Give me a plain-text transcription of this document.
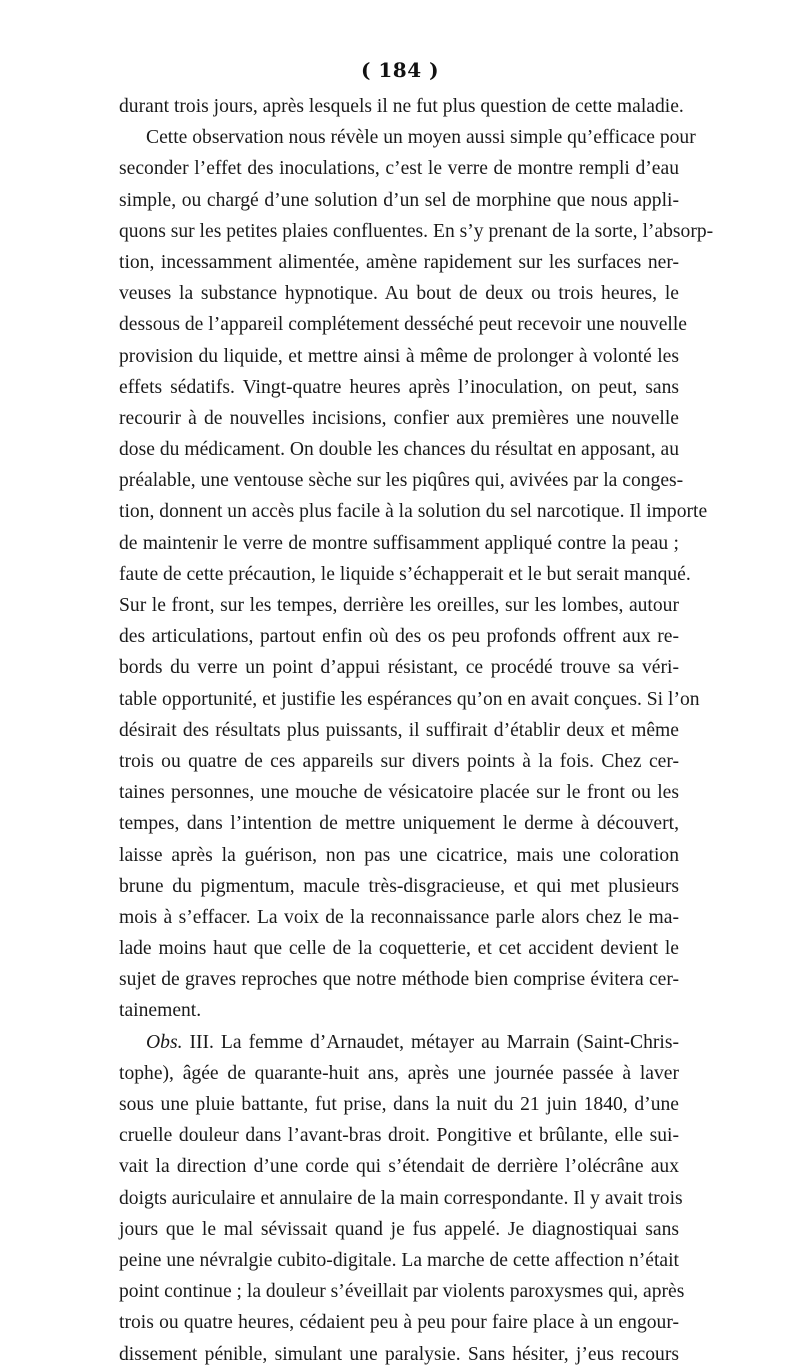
( 184 )
durant trois jours, après lesquels il ne fut plus question de cette maladie.
Cette observation nous révèle un moyen aussi simple qu’efficace pour
seconder l’effet des inoculations, c’est le verre de montre rempli d’eau
simple, ou chargé d’une solution d’un sel de morphine que nous appli-
quons sur les petites plaies confluentes. En s’y prenant de la sorte, l’absorp-
tion, incessamment alimentée, amène rapidement sur les surfaces ner-
veuses la substance hypnotique. Au bout de deux ou trois heures, le
dessous de l’appareil complétement desséché peut recevoir une nouvelle
provision du liquide, et mettre ainsi à même de prolonger à volonté les
effets sédatifs. Vingt-quatre heures après l’inoculation, on peut, sans
recourir à de nouvelles incisions, confier aux premières une nouvelle
dose du médicament. On double les chances du résultat en apposant, au
préalable, une ventouse sèche sur les piqûres qui, avivées par la conges-
tion, donnent un accès plus facile à la solution du sel narcotique. Il importe
de maintenir le verre de montre suffisamment appliqué contre la peau ;
faute de cette précaution, le liquide s’échapperait et le but serait manqué.
Sur le front, sur les tempes, derrière les oreilles, sur les lombes, autour
des articulations, partout enfin où des os peu profonds offrent aux re-
bords du verre un point d’appui résistant, ce procédé trouve sa véri-
table opportunité, et justifie les espérances qu’on en avait conçues. Si l’on
désirait des résultats plus puissants, il suffirait d’établir deux et même
trois ou quatre de ces appareils sur divers points à la fois. Chez cer-
taines personnes, une mouche de vésicatoire placée sur le front ou les
tempes, dans l’intention de mettre uniquement le derme à découvert,
laisse après la guérison, non pas une cicatrice, mais une coloration
brune du pigmentum, macule très-disgracieuse, et qui met plusieurs
mois à s’effacer. La voix de la reconnaissance parle alors chez le ma-
lade moins haut que celle de la coquetterie, et cet accident devient le
sujet de graves reproches que notre méthode bien comprise évitera cer-
tainement.
Obs. III. La femme d’Arnaudet, métayer au Marrain (Saint-Chris-
tophe), âgée de quarante-huit ans, après une journée passée à laver
sous une pluie battante, fut prise, dans la nuit du 21 juin 1840, d’une
cruelle douleur dans l’avant-bras droit. Pongitive et brûlante, elle sui-
vait la direction d’une corde qui s’étendait de derrière l’olécrâne aux
doigts auriculaire et annulaire de la main correspondante. Il y avait trois
jours que le mal sévissait quand je fus appelé. Je diagnostiquai sans
peine une névralgie cubito-digitale. La marche de cette affection n’était
point continue ; la douleur s’éveillait par violents paroxysmes qui, après
trois ou quatre heures, cédaient peu à peu pour faire place à un engour-
dissement pénible, simulant une paralysie. Sans hésiter, j’eus recours
